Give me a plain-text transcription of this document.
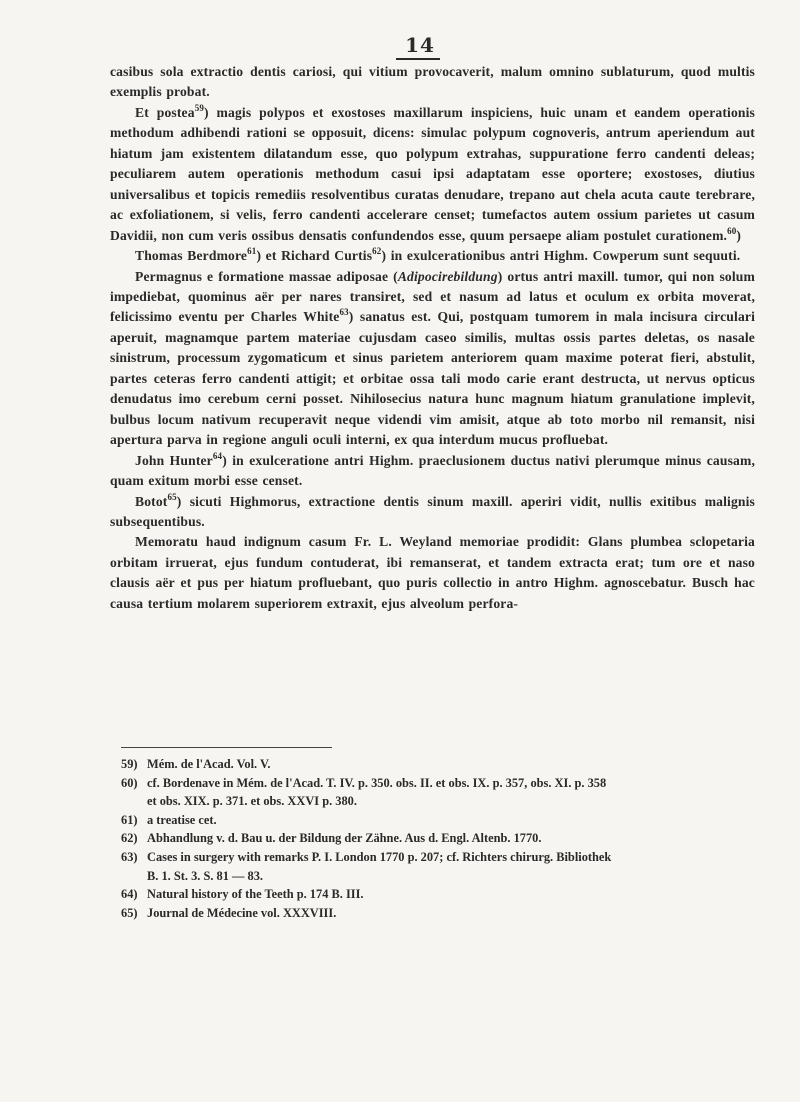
14

casibus sola extractio dentis cariosi, qui vitium provocaverit, malum omnino sublaturum, quod multis exemplis probat.

Et postea$^{59}$) magis polypos et exostoses maxillarum inspiciens, huic unam et eandem operationis methodum adhibendi rationi se opposuit, dicens: simulac polypum cognoveris, antrum aperiendum aut hiatum jam existentem dilatandum esse, quo polypum extrahas, suppuratione ferro candenti deleas; peculiarem autem operationis methodum casui ipsi adaptatam esse oportere; exostoses, diutius universalibus et topicis remediis resolventibus curatas denudare, trepano aut chela acuta caute terebrare, ac exfoliationem, si velis, ferro candenti accelerare censet; tumefactos autem ossium parietes ut casum Davidii, non cum veris ossibus densatis confundendos esse, quum persaepe aliam postulet curationem.$^{60}$)

Thomas Berdmore$^{61}$) et Richard Curtis$^{62}$) in exulcerationibus antri Highm. Cowperum sunt sequuti.

Permagnus e formatione massae adiposae (Adipocirebildung) ortus antri maxill. tumor, qui non solum impediebat, quominus aër per nares transiret, sed et nasum ad latus et oculum ex orbita moverat, felicissimo eventu per Charles White$^{63}$) sanatus est. Qui, postquam tumorem in mala incisura circulari aperuit, magnamque partem materiae cujusdam caseo similis, multas ossis partes deletas, os nasale sinistrum, processum zygomaticum et sinus parietem anteriorem quam maxime poterat fieri, abstulit, partes ceteras ferro candenti attigit; et orbitae ossa tali modo carie erant destructa, ut nervus opticus denudatus imo cerebum cerni posset. Nihilosecius natura hunc magnum hiatum granulatione implevit, bulbus locum nativum recuperavit neque videndi vim amisit, atque ab toto morbo nil remansit, nisi apertura parva in regione anguli oculi interni, ex qua interdum mucus profluebat.

John Hunter$^{64}$) in exulceratione antri Highm. praeclusionem ductus nativi plerumque minus causam, quam exitum morbi esse censet.

Botot$^{65}$) sicuti Highmorus, extractione dentis sinum maxill. aperiri vidit, nullis exitibus malignis subsequentibus.

Memoratu haud indignum casum Fr. L. Weyland memoriae prodidit: Glans plumbea sclopetaria orbitam irruerat, ejus fundum contuderat, ibi remanserat, et tandem extracta erat; tum ore et naso clausis aër et pus per hiatum profluebant, quo puris collectio in antro Highm. agnoscebatur. Busch hac causa tertium molarem superiorem extraxit, ejus alveolum perfora-

59) Mém. de l'Acad. Vol. V.
60) cf. Bordenave in Mém. de l'Acad. T. IV. p. 350. obs. II. et obs. IX. p. 357, obs. XI. p. 358
et obs. XIX. p. 371. et obs. XXVI p. 380.
61) a treatise cet.
62) Abhandlung v. d. Bau u. der Bildung der Zähne. Aus d. Engl. Altenb. 1770.
63) Cases in surgery with remarks P. I. London 1770 p. 207; cf. Richters chirurg. Bibliothek
B. 1. St. 3. S. 81 — 83.
64) Natural history of the Teeth p. 174 B. III.
65) Journal de Médecine vol. XXXVIII.
